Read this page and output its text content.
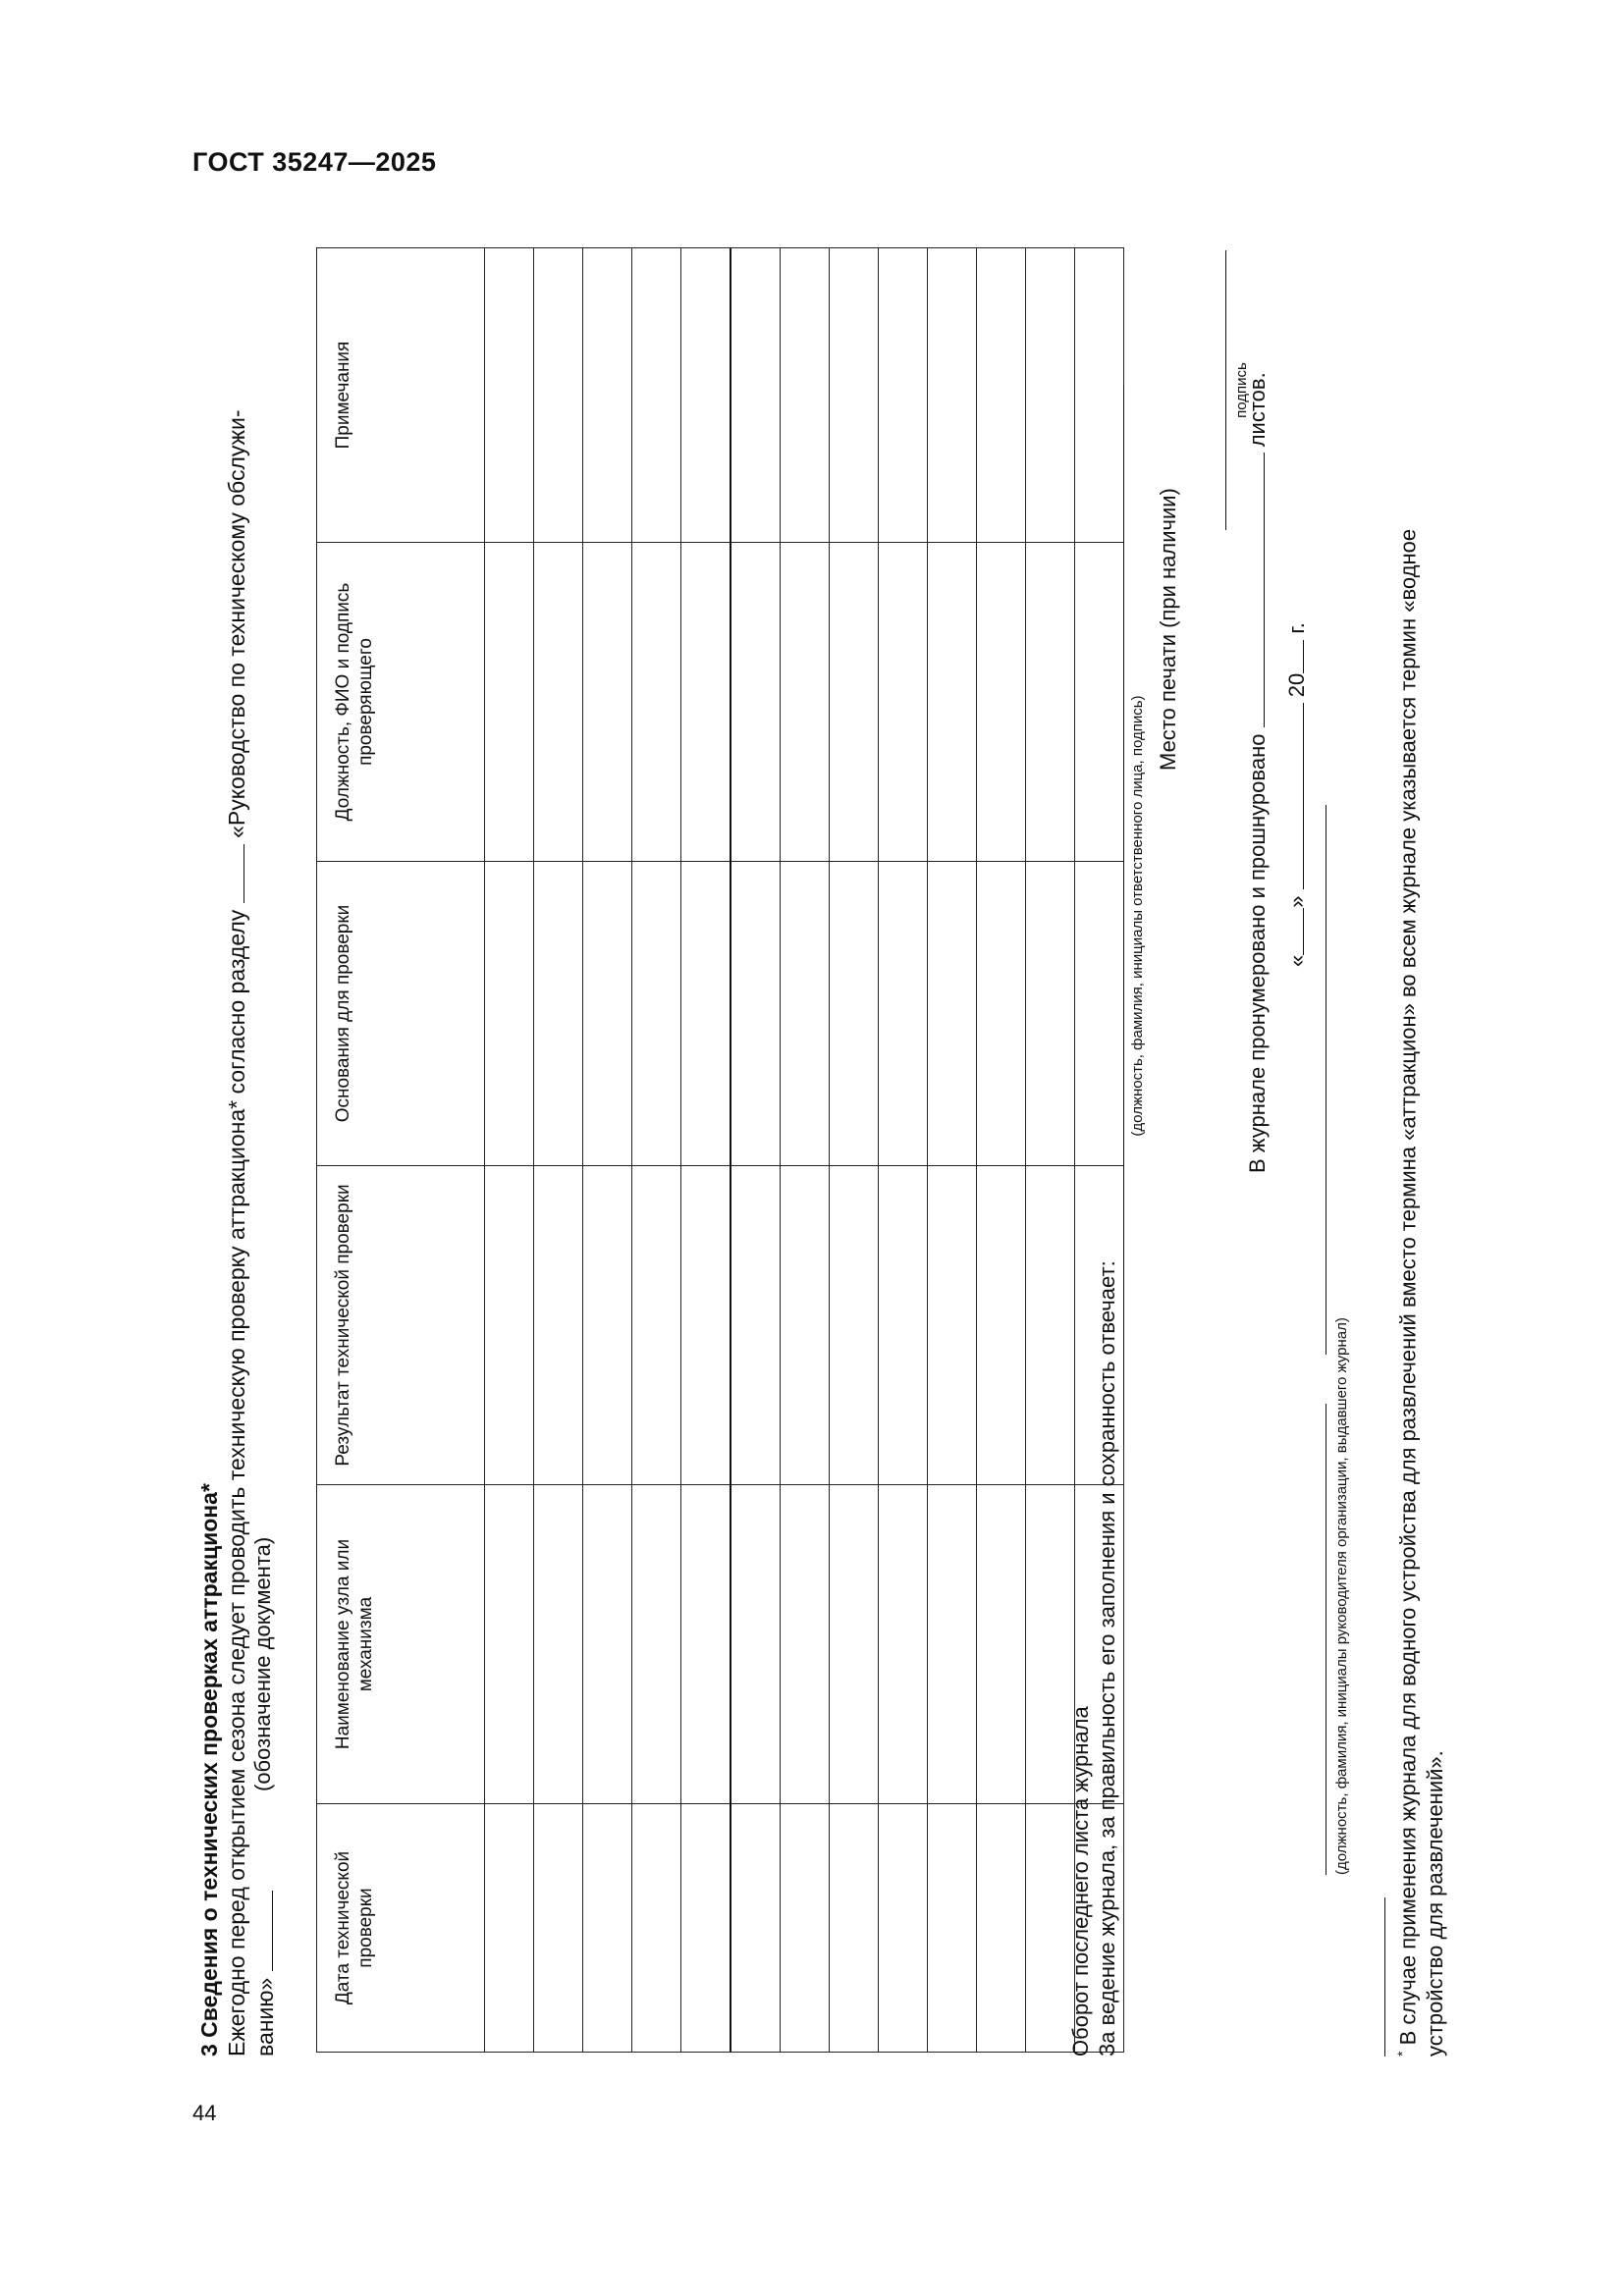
ГОСТ 35247—2025
44
3 Сведения о технических проверках аттракциона* Ежегодно перед открытием сезона следует проводить техническую проверку аттракциона* согласно разделу  «Руководство по техническому обслужи-
ванию»
(обозначение документа)
Дата технической проверки	Наименование узла или механизма	Результат технической проверки	Основания для проверки	Должность, ФИО и подпись проверяющего	Примечания

Оборот последнего листа журнала За ведение журнала, за правильность его заполнения и сохранность отвечает:
(должность, фамилия, инициалы ответственного лица, подпись)
Место печати (при наличии)
подпись
В журнале пронумеровано и прошнуровано  листов.
«»  20 г.
(должность, фамилия, инициалы руководителя организации, выдавшего журнал)
* В случае применения журнала для водного устройства для развлечений вместо термина «аттракцион» во всем журнале указывается термин «водное устройство для развлечений».
